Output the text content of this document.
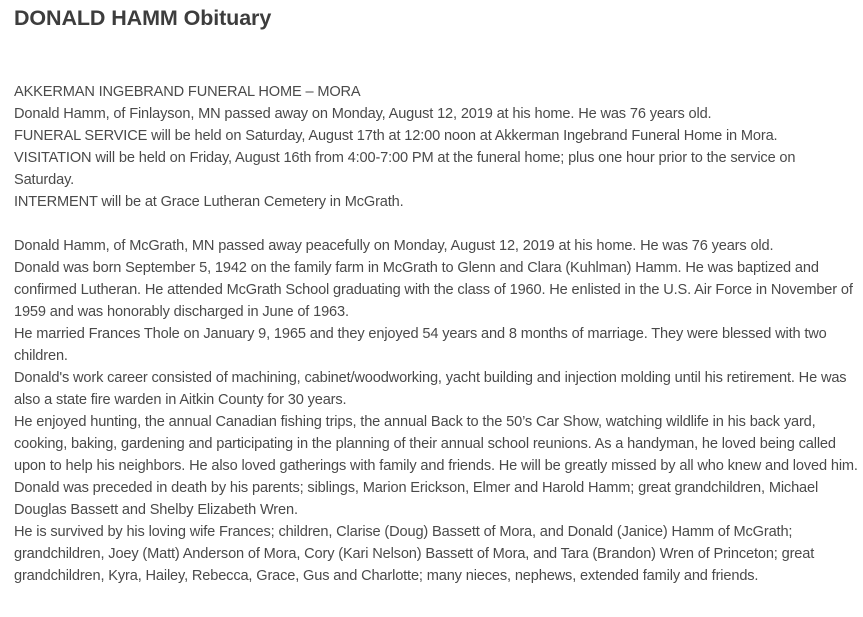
DONALD HAMM Obituary

AKKERMAN INGEBRAND FUNERAL HOME – MORA

Donald Hamm, of Finlayson, MN passed away on Monday, August 12, 2019 at his home. He was 76 years old.

FUNERAL SERVICE will be held on Saturday, August 17th at 12:00 noon at Akkerman Ingebrand Funeral Home in Mora.

VISITATION will be held on Friday, August 16th from 4:00-7:00 PM at the funeral home; plus one hour prior to the service on Saturday.

INTERMENT will be at Grace Lutheran Cemetery in McGrath.

Donald Hamm, of McGrath, MN passed away peacefully on Monday, August 12, 2019 at his home. He was 76 years old.

Donald was born September 5, 1942 on the family farm in McGrath to Glenn and Clara (Kuhlman) Hamm. He was baptized and confirmed Lutheran. He attended McGrath School graduating with the class of 1960. He enlisted in the U.S. Air Force in November of 1959 and was honorably discharged in June of 1963.

He married Frances Thole on January 9, 1965 and they enjoyed 54 years and 8 months of marriage. They were blessed with two children.

Donald's work career consisted of machining, cabinet/woodworking, yacht building and injection molding until his retirement. He was also a state fire warden in Aitkin County for 30 years.

He enjoyed hunting, the annual Canadian fishing trips, the annual Back to the 50’s Car Show, watching wildlife in his back yard, cooking, baking, gardening and participating in the planning of their annual school reunions. As a handyman, he loved being called upon to help his neighbors. He also loved gatherings with family and friends. He will be greatly missed by all who knew and loved him.

Donald was preceded in death by his parents; siblings, Marion Erickson, Elmer and Harold Hamm; great grandchildren, Michael Douglas Bassett and Shelby Elizabeth Wren.

He is survived by his loving wife Frances; children, Clarise (Doug) Bassett of Mora, and Donald (Janice) Hamm of McGrath; grandchildren, Joey (Matt) Anderson of Mora, Cory (Kari Nelson) Bassett of Mora, and Tara (Brandon) Wren of Princeton; great grandchildren, Kyra, Hailey, Rebecca, Grace, Gus and Charlotte; many nieces, nephews, extended family and friends.
